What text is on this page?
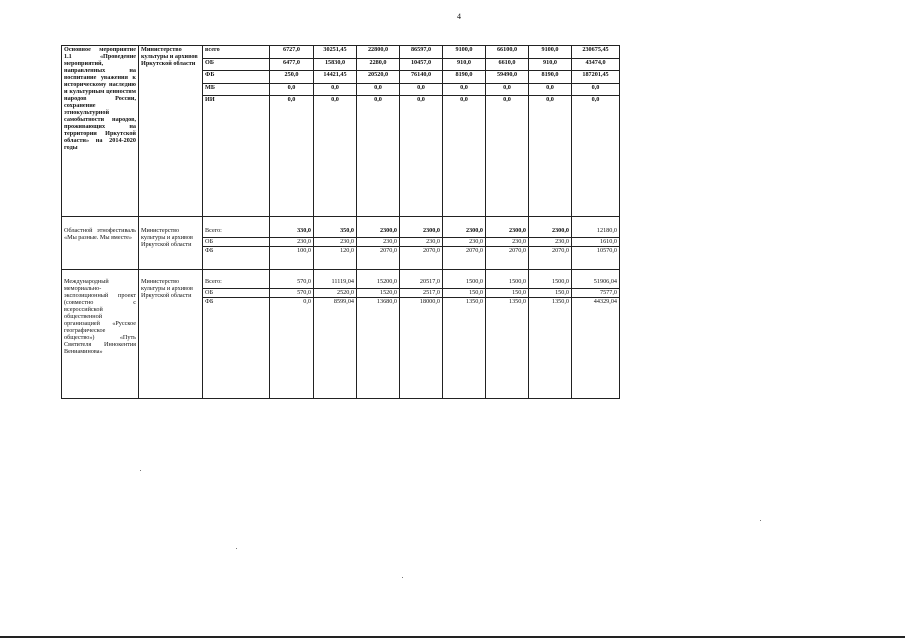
4
Основное мероприятие 1.1 «Проведение мероприятий, направленных на воспитание уважения к историческому наследию и культурным ценностям народов России, сохранение этнокультурной самобытности народов, проживающих на территории Иркутской области» на 2014-2020 годы	Министерство культуры и архивов Иркутской области	всего	6727,0	30251,45	22800,0	86597,0	9100,0	66100,0	9100,0	230675,45
		ОБ	6477,0	15830,0	2280,0	10457,0	910,0	6610,0	910,0	43474,0
		ФБ	250,0	14421,45	20520,0	76140,0	8190,0	59490,0	8190,0	187201,45
		МБ	0,0	0,0	0,0	0,0	0,0	0,0	0,0	0,0
		ИИ	0,0	0,0	0,0	0,0	0,0	0,0	0,0	0,0
Областной этнофестиваль «Мы разные. Мы вместе»	Министерство культуры и архивов Иркутской области	Всего:	330,0	350,0	2300,0	2300,0	2300,0	2300,0	2300,0	12180,0
		ОБ	230,0	230,0	230,0	230,0	230,0	230,0	230,0	1610,0
		ФБ	100,0	120,0	2070,0	2070,0	2070,0	2070,0	2070,0	10570,0
Международный мемориально-экспозиционный проект (совместно с всероссийской общественной организацией «Русское географическое общество») «Путь Святителя Иннокентия Вениаминова»	Министерство культуры и архивов Иркутской области	Всего:	570,0	11119,04	15200,0	20517,0	1500,0	1500,0	1500,0	51906,04
		ОБ	570,0	2520,0	1520,0	2517,0	150,0	150,0	150,0	7577,0
		ФБ	0,0	8599,04	13680,0	18000,0	1350,0	1350,0	1350,0	44329,04
